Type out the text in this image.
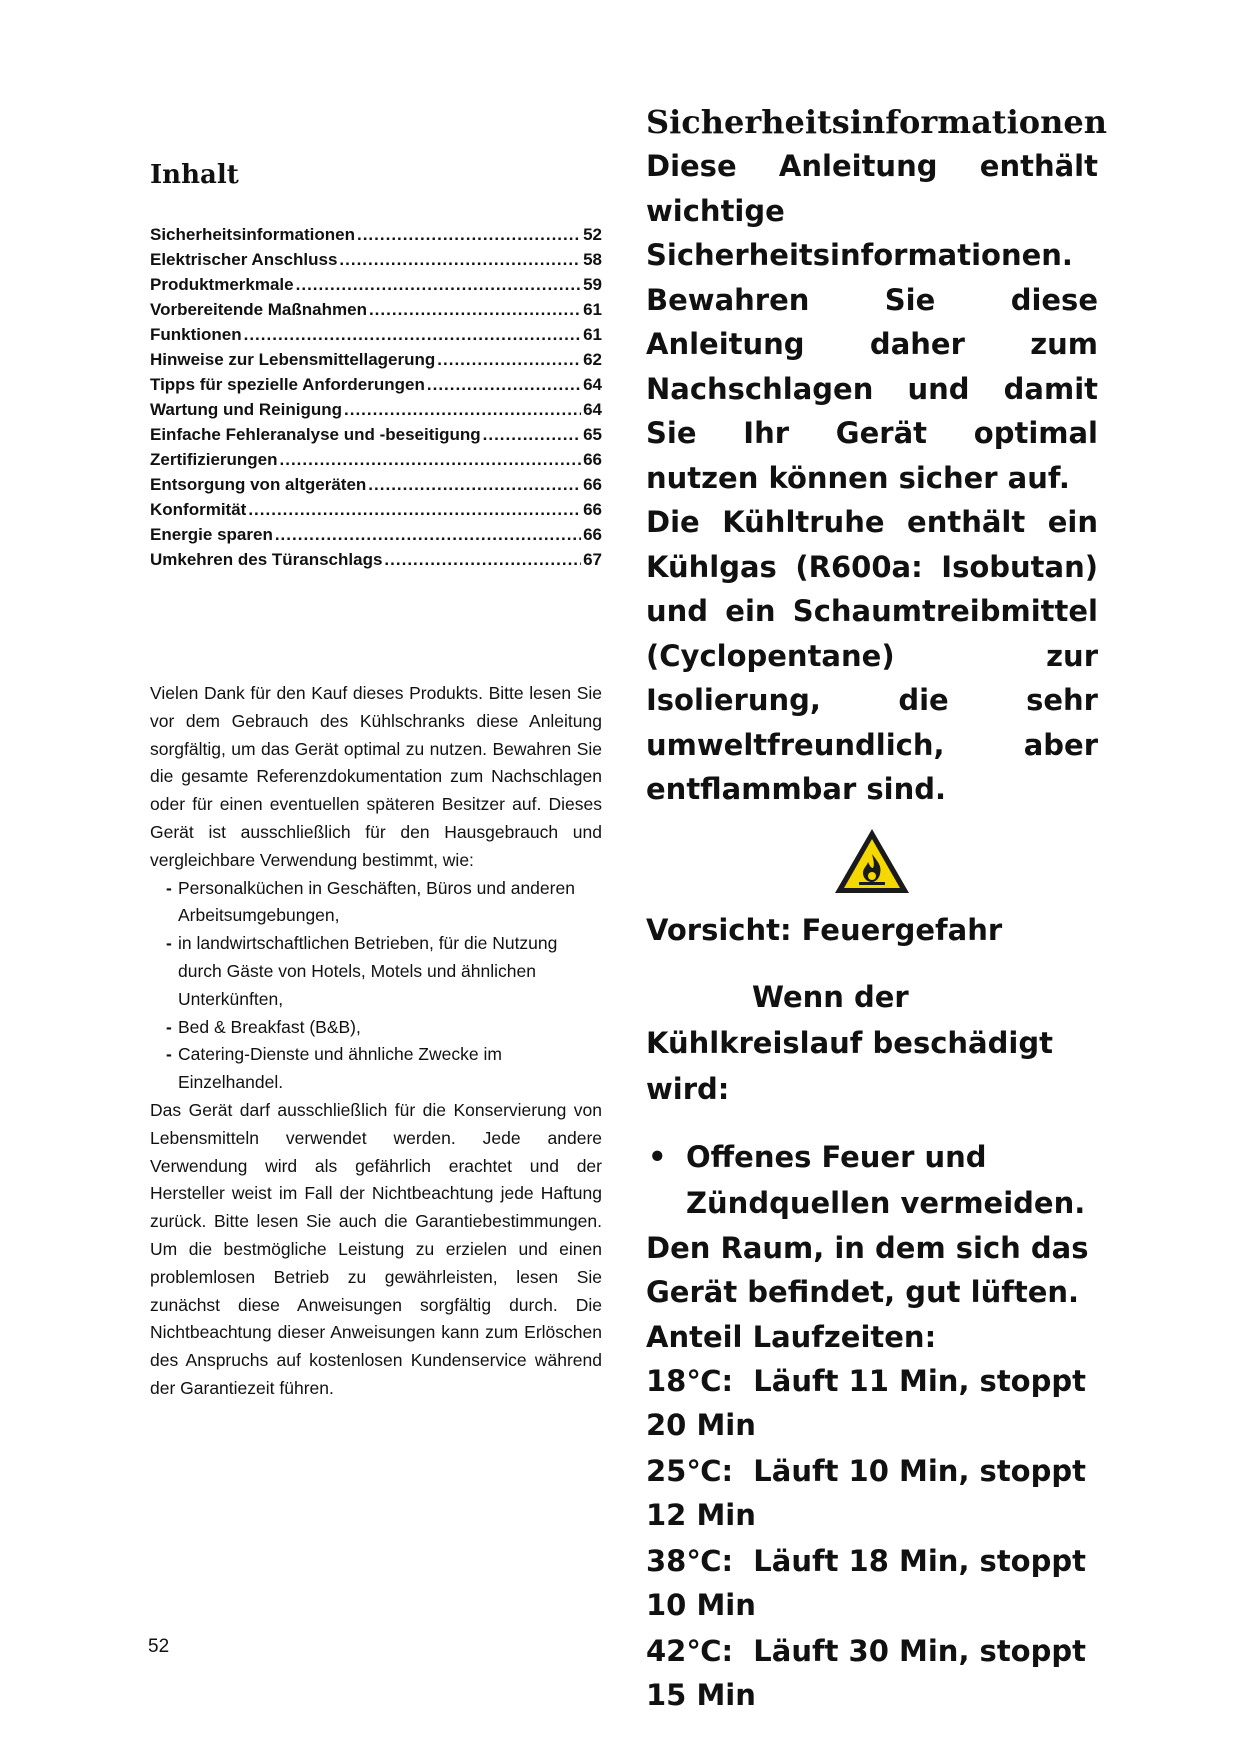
Inhalt
Sicherheitsinformationen .....	52
Elektrischer Anschluss .....	58
Produktmerkmale .....	59
Vorbereitende Maßnahmen .....	61
Funktionen .....	61
Hinweise zur Lebensmittellagerung .....	62
Tipps für spezielle Anforderungen .....	64
Wartung und Reinigung .....	64
Einfache Fehleranalyse und -beseitigung .....	65
Zertifizierungen .....	66
Entsorgung von altgeräten .....	66
Konformität .....	66
Energie sparen .....	66
Umkehren des Türanschlags .....	67

Vielen Dank für den Kauf dieses Produkts. Bitte lesen Sie vor dem Gebrauch des Kühlschranks diese Anleitung sorgfältig, um das Gerät optimal zu nutzen. Bewahren Sie die gesamte Referenzdokumentation zum Nachschlagen oder für einen eventuellen späteren Besitzer auf. Dieses Gerät ist ausschließlich für den Hausgebrauch und vergleichbare Verwendung bestimmt, wie:

- Personalküchen in Geschäften, Büros und anderen Arbeitsumgebungen,
- in landwirtschaftlichen Betrieben, für die Nutzung durch Gäste von Hotels, Motels und ähnlichen Unterkünften,
- Bed & Breakfast (B&B),
- Catering-Dienste und ähnliche Zwecke im Einzelhandel.

Das Gerät darf ausschließlich für die Konservierung von Lebensmitteln verwendet werden. Jede andere Verwendung wird als gefährlich erachtet und der Hersteller weist im Fall der Nichtbeachtung jede Haftung zurück. Bitte lesen Sie auch die Garantiebestimmungen. Um die bestmögliche Leistung zu erzielen und einen problemlosen Betrieb zu gewährleisten, lesen Sie zunächst diese Anweisungen sorgfältig durch. Die Nichtbeachtung dieser Anweisungen kann zum Erlöschen des Anspruchs auf kostenlosen Kundenservice während der Garantiezeit führen.

52
Sicherheitsinformationen

Diese Anleitung enthält wichtige Sicherheitsinformationen. Bewahren Sie diese Anleitung daher zum Nachschlagen und damit Sie Ihr Gerät optimal nutzen können sicher auf.

Die Kühltruhe enthält ein Kühlgas (R600a: Isobutan) und ein Schaumtreibmittel (Cyclopentane) zur Isolierung, die sehr umweltfreundlich, aber entflammbar sind.

Vorsicht: Feuergefahr

Wenn der Kühlkreislauf beschädigt wird:

• Offenes Feuer und Zündquellen vermeiden.

Den Raum, in dem sich das Gerät befindet, gut lüften.

Anteil Laufzeiten:

18℃: Läuft 11 Min, stoppt 20 Min

25℃: Läuft 10 Min, stoppt 12 Min

38℃: Läuft 18 Min, stoppt 10 Min

42℃: Läuft 30 Min, stoppt 15 Min
